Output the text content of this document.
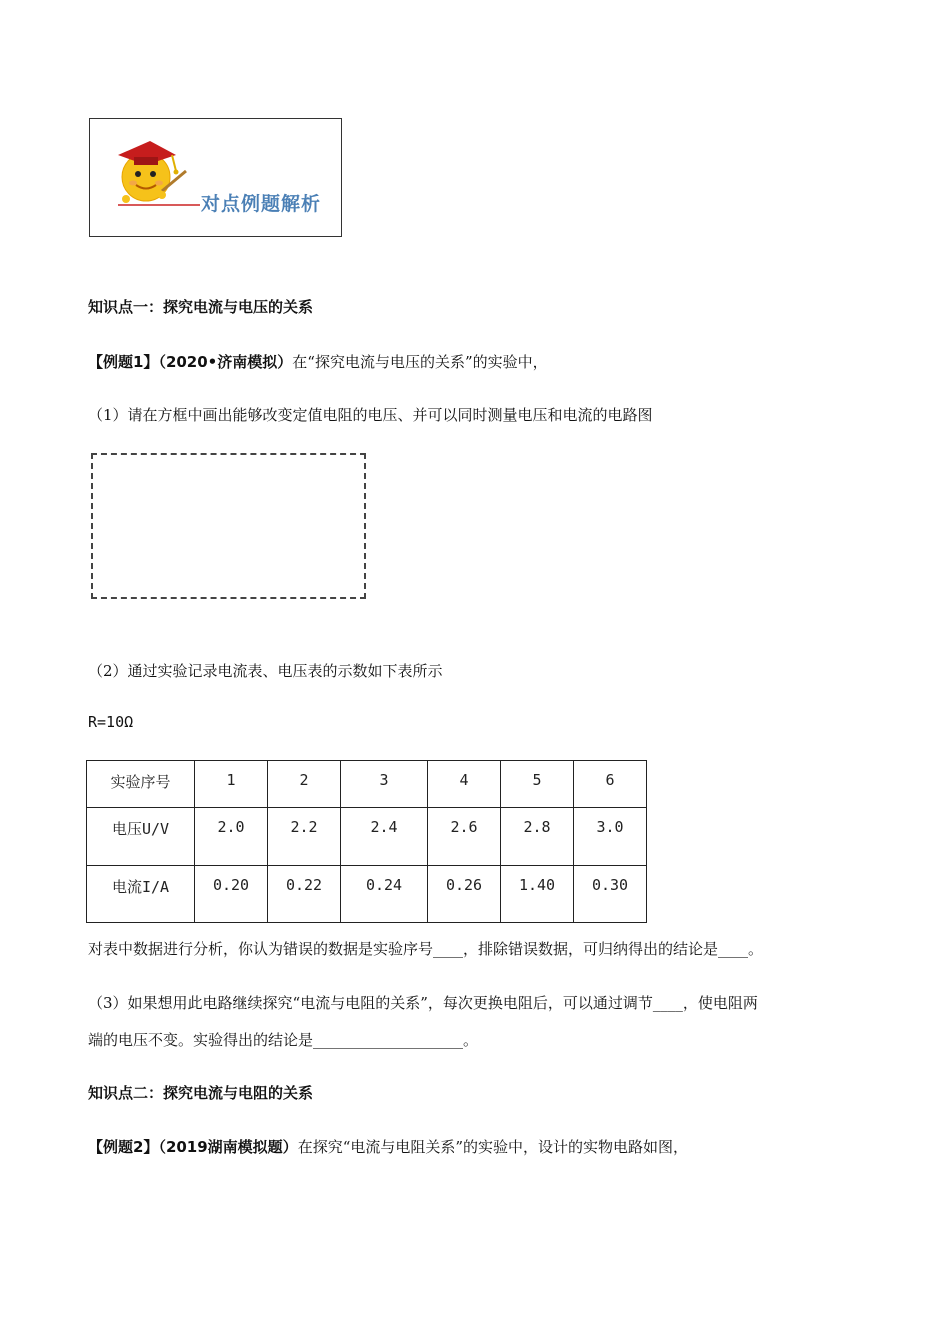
对点例题解析
知识点一：探究电流与电压的关系
【例题1】（2020•济南模拟）在“探究电流与电压的关系”的实验中，
（1）请在方框中画出能够改变定值电阻的电压、并可以同时测量电压和电流的电路图
（2）通过实验记录电流表、电压表的示数如下表所示
R=10Ω
实验序号	1	2	3	4	5	6
电压U/V	2.0	2.2	2.4	2.6	2.8	3.0
电流I/A	0.20	0.22	0.24	0.26	1.40	0.30
对表中数据进行分析，你认为错误的数据是实验序号____，排除错误数据，可归纳得出的结论是____。
（3）如果想用此电路继续探究“电流与电阻的关系”，每次更换电阻后，可以通过调节____，使电阻两
端的电压不变。实验得出的结论是____________________。
知识点二：探究电流与电阻的关系
【例题2】（2019湖南模拟题）在探究“电流与电阻关系”的实验中，设计的实物电路如图，
